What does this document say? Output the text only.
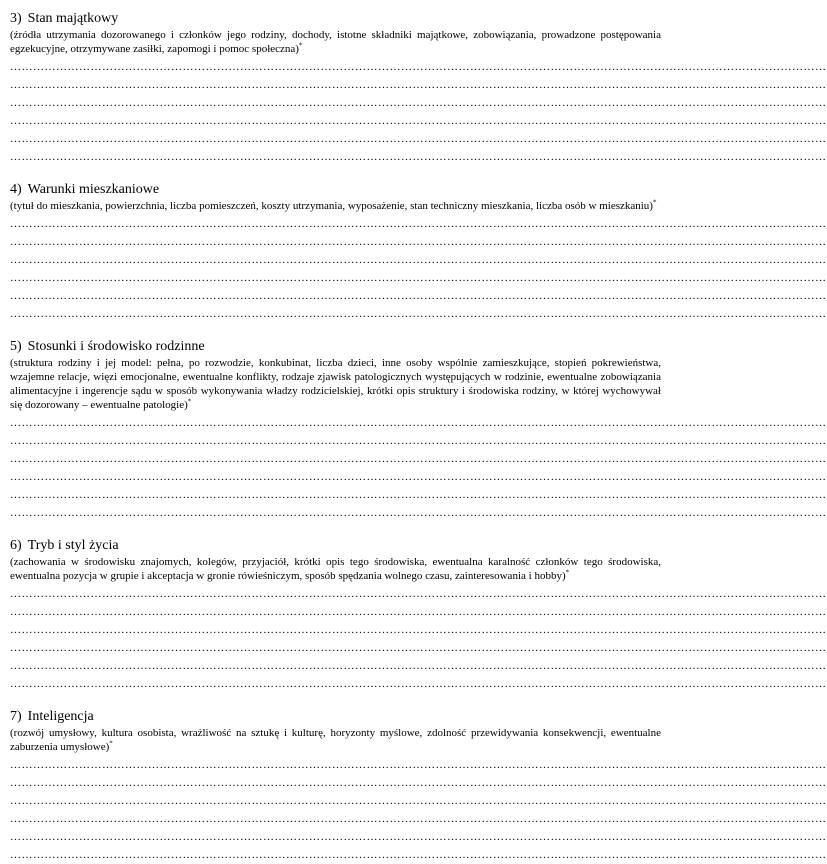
3) Stan majątkowy

(źródła utrzymania dozorowanego i członków jego rodziny, dochody, istotne składniki majątkowe, zobowiązania, prowadzone postępowania egzekucyjne, otrzymywane zasiłki, zapomogi i pomoc społeczna)*

……………………………………………………………………………………………………………………………………………………………………………………………
……………………………………………………………………………………………………………………………………………………………………………………………
……………………………………………………………………………………………………………………………………………………………………………………………
……………………………………………………………………………………………………………………………………………………………………………………………
……………………………………………………………………………………………………………………………………………………………………………………………
……………………………………………………………………………………………………………………………………………………………………………………………
4) Warunki mieszkaniowe

(tytuł do mieszkania, powierzchnia, liczba pomieszczeń, koszty utrzymania, wyposażenie, stan techniczny mieszkania, liczba osób w mieszkaniu)*

……………………………………………………………………………………………………………………………………………………………………………………………
……………………………………………………………………………………………………………………………………………………………………………………………
……………………………………………………………………………………………………………………………………………………………………………………………
……………………………………………………………………………………………………………………………………………………………………………………………
……………………………………………………………………………………………………………………………………………………………………………………………
……………………………………………………………………………………………………………………………………………………………………………………………
5) Stosunki i środowisko rodzinne

(struktura rodziny i jej model: pełna, po rozwodzie, konkubinat, liczba dzieci, inne osoby wspólnie zamieszkujące, stopień pokrewieństwa, wzajemne relacje, więzi emocjonalne, ewentualne konflikty, rodzaje zjawisk patologicznych występujących w rodzinie, ewentualne zobowiązania alimentacyjne i ingerencje sądu w sposób wykonywania władzy rodzicielskiej, krótki opis struktury i środowiska rodziny, w której wychowywał się dozorowany – ewentualne patologie)*

……………………………………………………………………………………………………………………………………………………………………………………………
……………………………………………………………………………………………………………………………………………………………………………………………
……………………………………………………………………………………………………………………………………………………………………………………………
……………………………………………………………………………………………………………………………………………………………………………………………
……………………………………………………………………………………………………………………………………………………………………………………………
……………………………………………………………………………………………………………………………………………………………………………………………
6) Tryb i styl życia

(zachowania w środowisku znajomych, kolegów, przyjaciół, krótki opis tego środowiska, ewentualna karalność członków tego środowiska, ewentualna pozycja w grupie i akceptacja w gronie rówieśniczym, sposób spędzania wolnego czasu, zainteresowania i hobby)*

……………………………………………………………………………………………………………………………………………………………………………………………
……………………………………………………………………………………………………………………………………………………………………………………………
……………………………………………………………………………………………………………………………………………………………………………………………
……………………………………………………………………………………………………………………………………………………………………………………………
……………………………………………………………………………………………………………………………………………………………………………………………
……………………………………………………………………………………………………………………………………………………………………………………………
7) Inteligencja

(rozwój umysłowy, kultura osobista, wrażliwość na sztukę i kulturę, horyzonty myślowe, zdolność przewidywania konsekwencji, ewentualne zaburzenia umysłowe)*

……………………………………………………………………………………………………………………………………………………………………………………………
……………………………………………………………………………………………………………………………………………………………………………………………
……………………………………………………………………………………………………………………………………………………………………………………………
……………………………………………………………………………………………………………………………………………………………………………………………
……………………………………………………………………………………………………………………………………………………………………………………………
……………………………………………………………………………………………………………………………………………………………………………………………
